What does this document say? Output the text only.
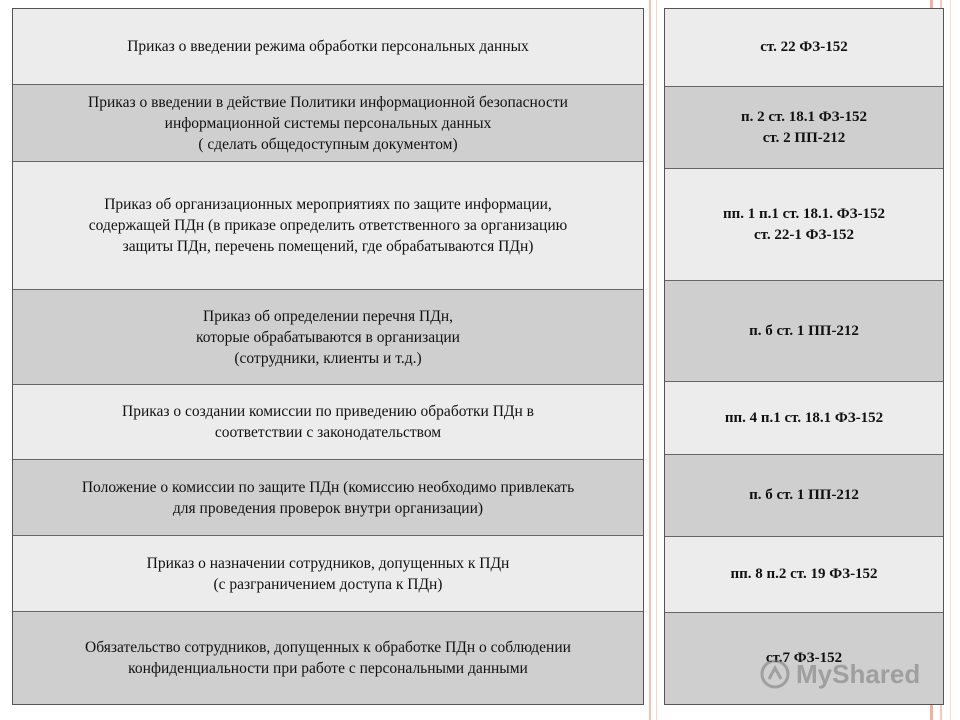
Приказ о введении режима обработки персональных данных
Приказ о введении в действие Политики информационной безопасности
информационной системы персональных данных
( сделать общедоступным документом)
Приказ об организационных мероприятиях по защите информации,
содержащей ПДн (в приказе определить ответственного за организацию
защиты ПДн, перечень помещений, где обрабатываются ПДн)
Приказ об определении перечня ПДн,
которые обрабатываются в организации
(сотрудники, клиенты и т.д.)
Приказ о создании комиссии по приведению обработки ПДн в
соответствии с законодательством
Положение о комиссии по защите ПДн (комиссию необходимо привлекать
для проведения проверок внутри организации)
Приказ о назначении сотрудников, допущенных к ПДн
(с разграничением доступа к ПДн)
Обязательство сотрудников, допущенных к обработке ПДн о соблюдении
конфиденциальности при работе с персональными данными
ст. 22 ФЗ-152
п. 2 ст. 18.1 ФЗ-152
ст. 2 ПП-212
пп. 1 п.1 ст. 18.1. ФЗ-152
ст. 22-1 ФЗ-152
п. б ст. 1 ПП-212
пп. 4 п.1 ст. 18.1 ФЗ-152
п. б ст. 1 ПП-212
пп. 8 п.2 ст. 19 ФЗ-152
ст.7 ФЗ-152
MyShared
